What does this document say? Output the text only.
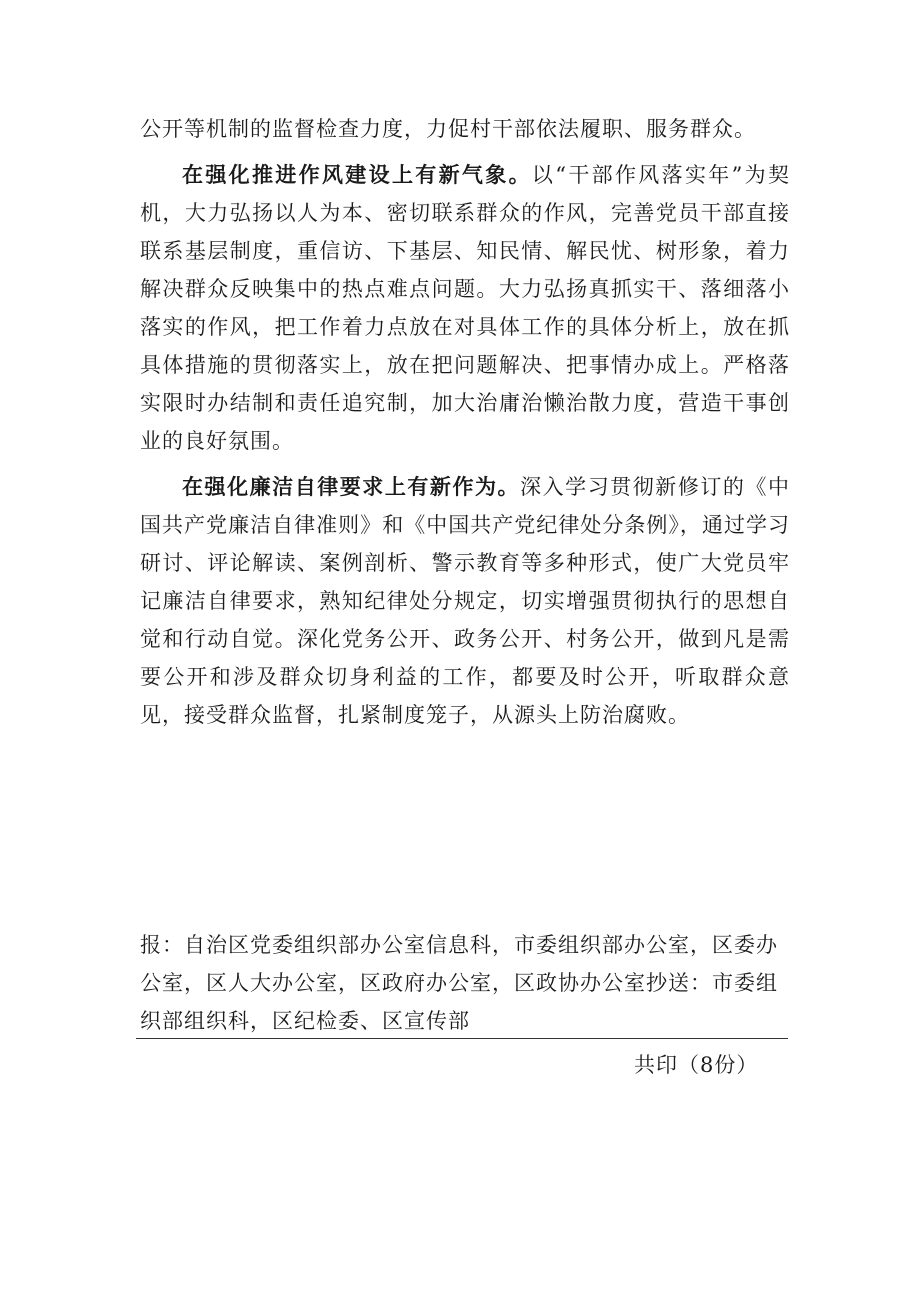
公开等机制的监督检查力度，力促村干部依法履职、服务群众。

在强化推进作风建设上有新气象。以“干部作风落实年”为契机，大力弘扬以人为本、密切联系群众的作风，完善党员干部直接联系基层制度，重信访、下基层、知民情、解民忧、树形象，着力解决群众反映集中的热点难点问题。大力弘扬真抓实干、落细落小落实的作风，把工作着力点放在对具体工作的具体分析上，放在抓具体措施的贯彻落实上，放在把问题解决、把事情办成上。严格落实限时办结制和责任追究制，加大治庸治懒治散力度，营造干事创业的良好氛围。

在强化廉洁自律要求上有新作为。深入学习贯彻新修订的《中国共产党廉洁自律准则》和《中国共产党纪律处分条例》，通过学习研讨、评论解读、案例剖析、警示教育等多种形式，使广大党员牢记廉洁自律要求，熟知纪律处分规定，切实增强贯彻执行的思想自觉和行动自觉。深化党务公开、政务公开、村务公开，做到凡是需要公开和涉及群众切身利益的工作，都要及时公开，听取群众意见，接受群众监督，扎紧制度笼子，从源头上防治腐败。

报：自治区党委组织部办公室信息科，市委组织部办公室，区委办公室，区人大办公室，区政府办公室，区政协办公室抄送：市委组织部组织科，区纪检委、区宣传部
共印（8份）
